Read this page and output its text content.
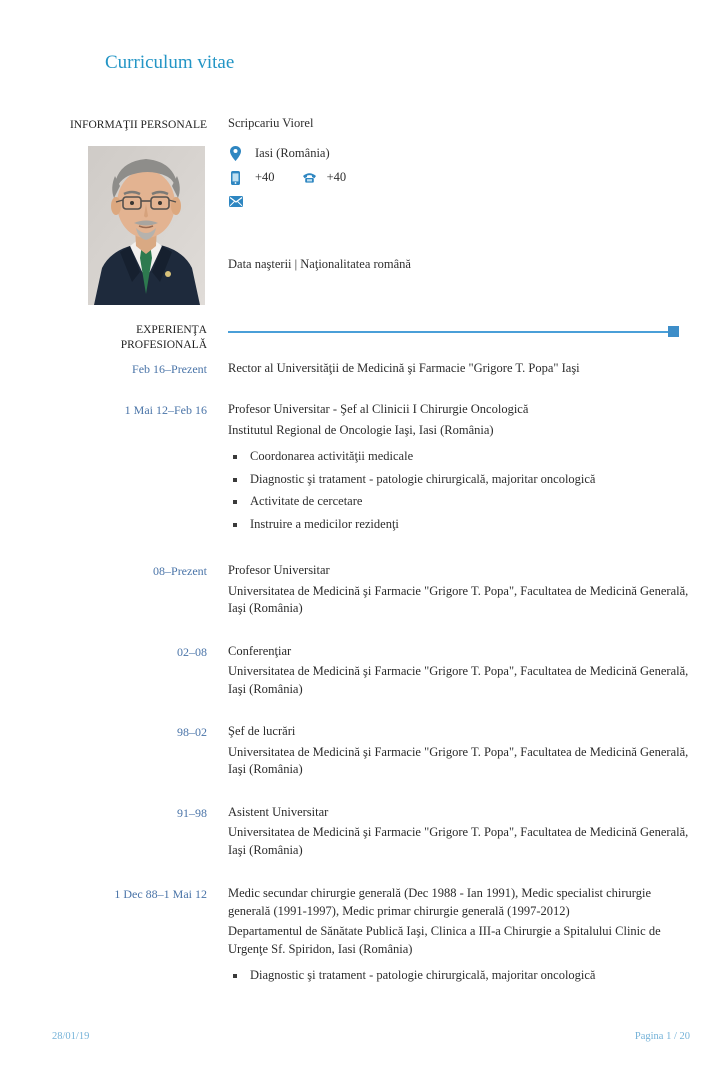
Curriculum vitae
INFORMAŢII PERSONALE Scripcariu Viorel
Iasi (România)
+40	+40
Data naşterii | Naţionalitatea română
EXPERIENŢA
PROFESIONALĂ
Feb 16–Prezent Rector al Universităţii de Medicină şi Farmacie "Grigore T. Popa" Iaşi
1 Mai 12–Feb 16 Profesor Universitar - Şef al Clinicii I Chirurgie Oncologică
Institutul Regional de Oncologie Iaşi, Iasi (România)
Coordonarea activităţii medicale
Diagnostic şi tratament - patologie chirurgicală, majoritar oncologică
Activitate de cercetare
Instruire a medicilor rezidenţi
08–Prezent Profesor Universitar
Universitatea de Medicină şi Farmacie "Grigore T. Popa", Facultatea de Medicină Generală, Iaşi (România)
02–08 Conferenţiar
Universitatea de Medicină şi Farmacie "Grigore T. Popa", Facultatea de Medicină Generală, Iaşi (România)
98–02 Şef de lucrări
Universitatea de Medicină şi Farmacie "Grigore T. Popa", Facultatea de Medicină Generală, Iaşi (România)
91–98 Asistent Universitar
Universitatea de Medicină şi Farmacie "Grigore T. Popa", Facultatea de Medicină Generală, Iaşi (România)
1 Dec 88–1 Mai 12 Medic secundar chirurgie generală (Dec 1988 - Ian 1991), Medic specialist chirurgie generală (1991-1997), Medic primar chirurgie generală (1997-2012)
Departamentul de Sănătate Publică Iaşi, Clinica a III-a Chirurgie a Spitalului Clinic de Urgenţe Sf. Spiridon, Iasi (România)
Diagnostic şi tratament - patologie chirurgicală, majoritar oncologică
28/01/19	Pagina 1 / 20
